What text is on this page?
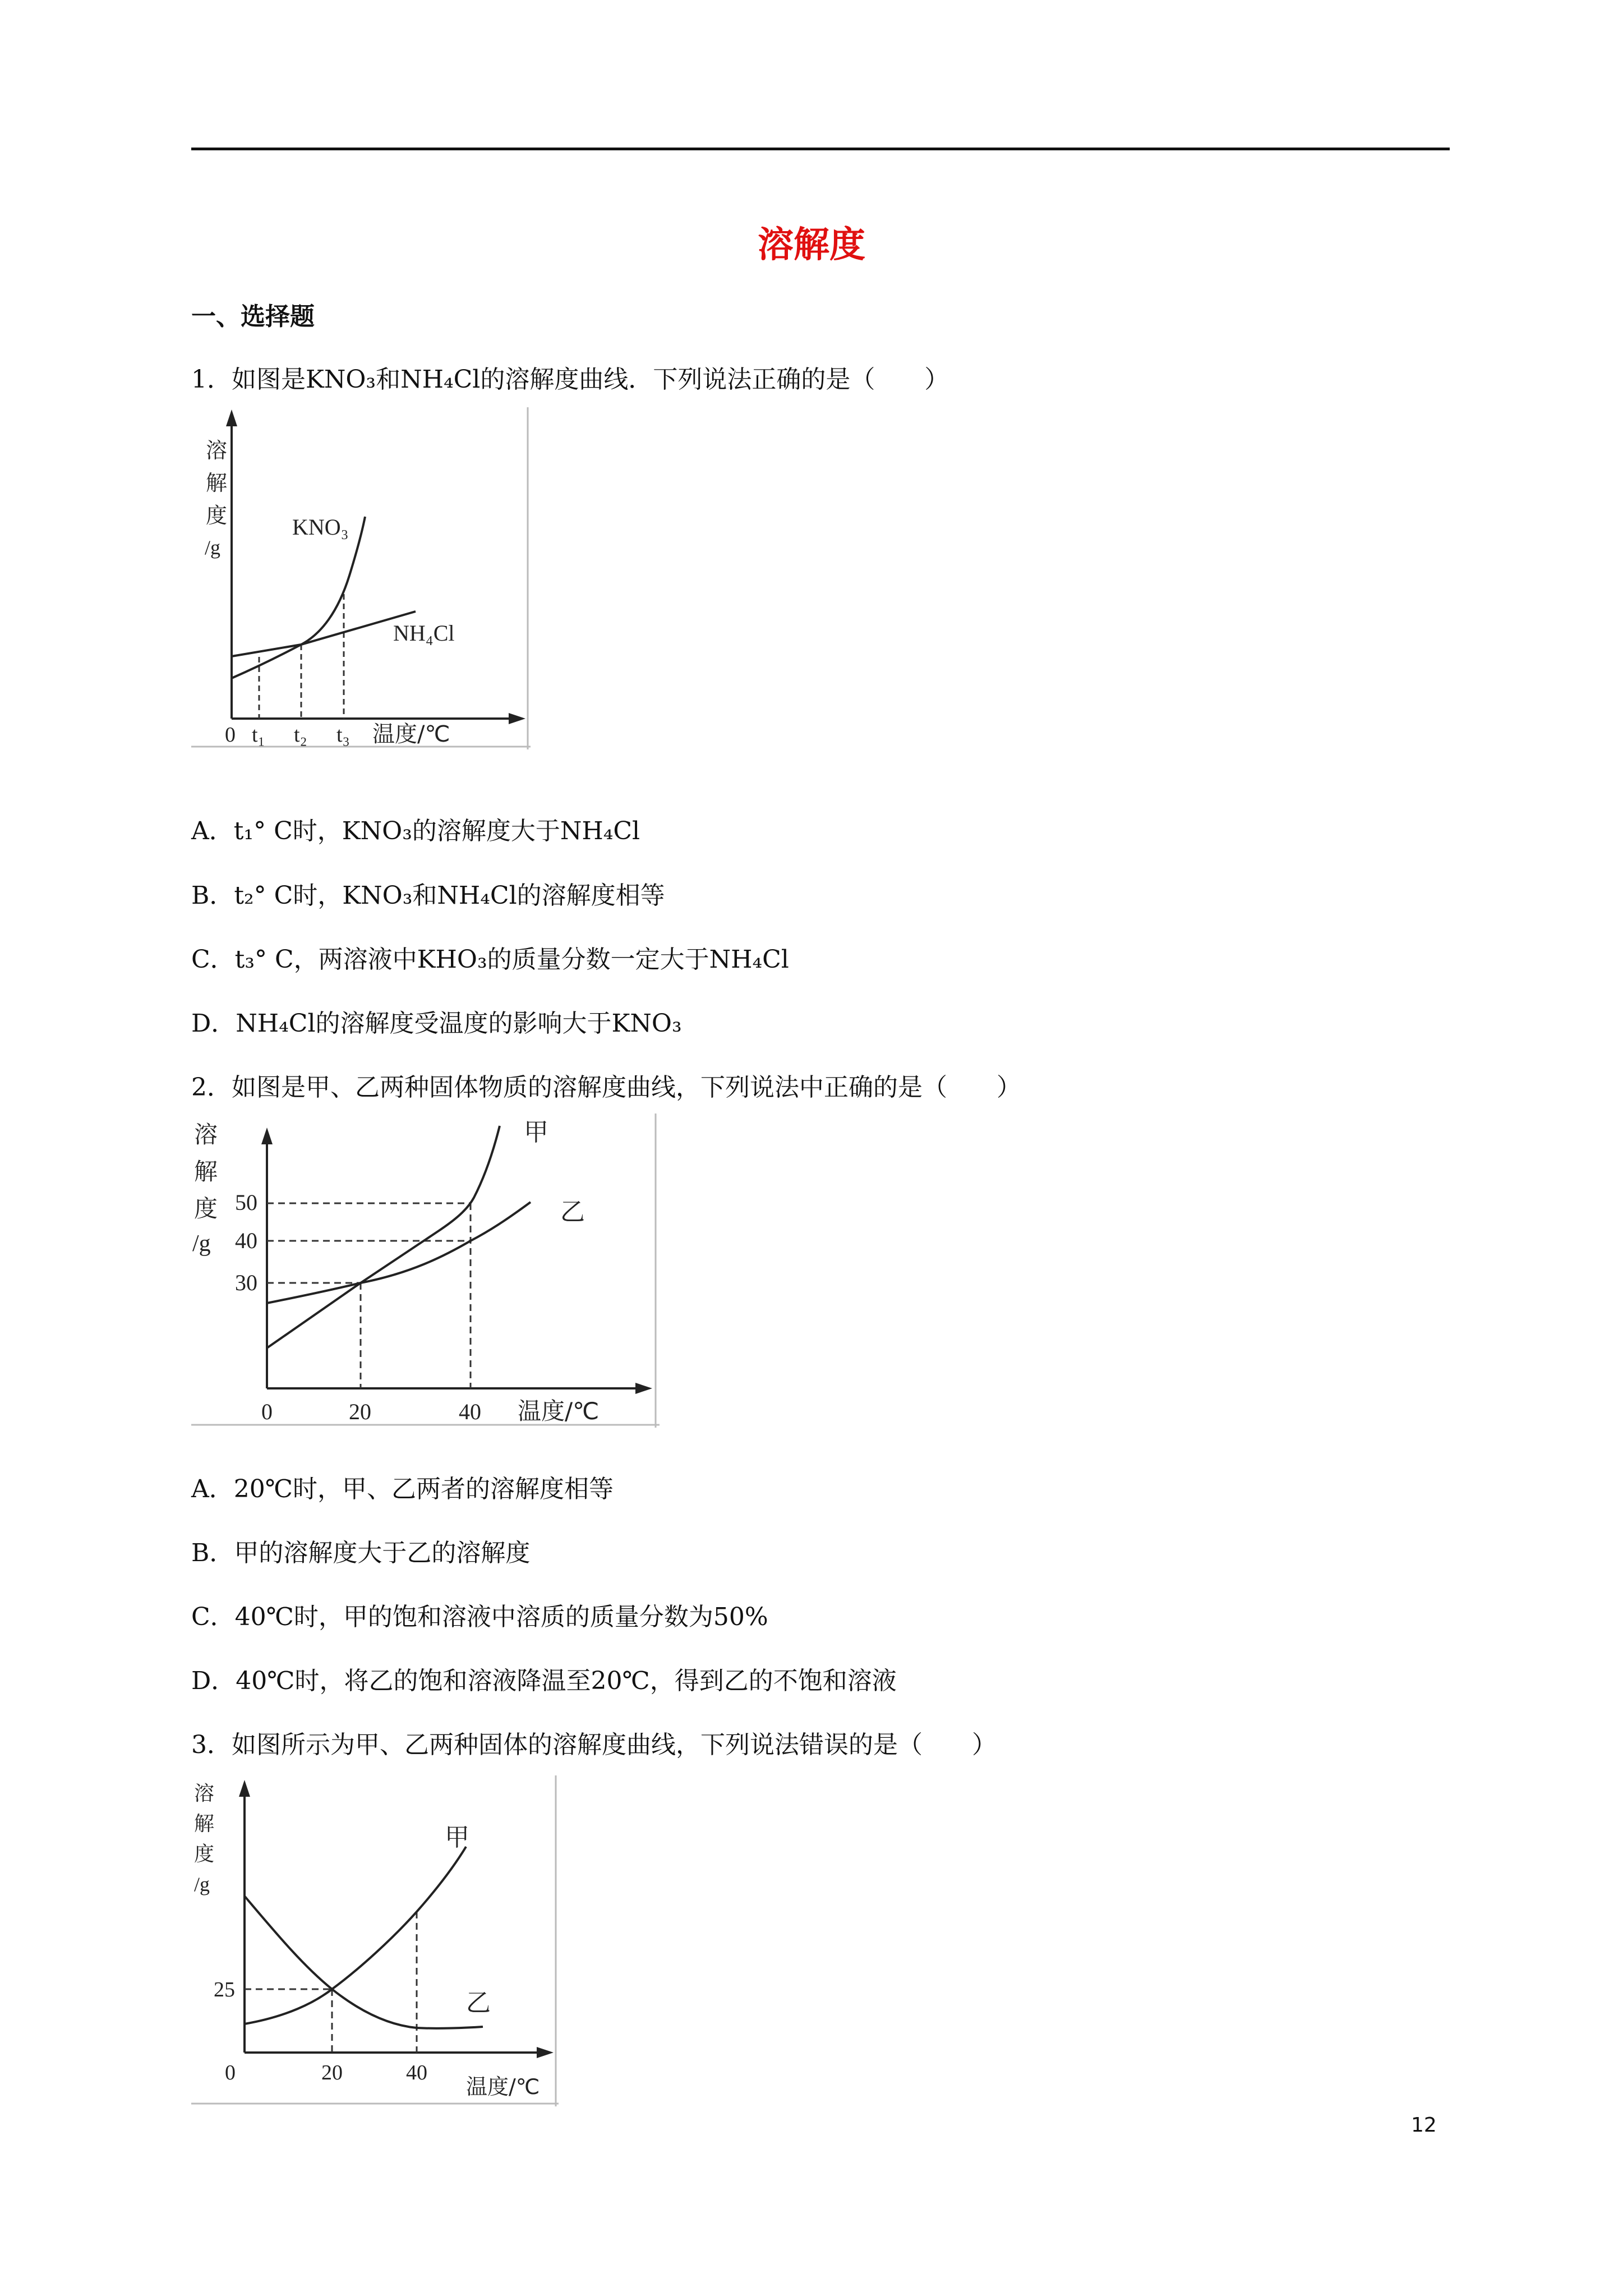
溶解度
一、选择题
1．如图是KNO₃和NH₄Cl的溶解度曲线．下列说法正确的是（　　）
溶
解
度
/g
KNO₃
NH₄Cl
0 t₁ t₂ t₃ 温度/℃
A．t₁° C时，KNO₃的溶解度大于NH₄Cl
B．t₂° C时，KNO₃和NH₄Cl的溶解度相等
C．t₃° C，两溶液中KHO₃的质量分数一定大于NH₄Cl
D．NH₄Cl的溶解度受温度的影响大于KNO₃
2．如图是甲、乙两种固体物质的溶解度曲线，下列说法中正确的是（　　）
溶
解
度
/g
50
40
30
甲
乙
0	20	40 温度/℃
A．20℃时，甲、乙两者的溶解度相等
B．甲的溶解度大于乙的溶解度
C．40℃时，甲的饱和溶液中溶质的质量分数为50%
D．40℃时，将乙的饱和溶液降温至20℃，得到乙的不饱和溶液
3．如图所示为甲、乙两种固体的溶解度曲线，下列说法错误的是（　　）
溶
解
度
/g
25
甲
乙
0	20	40
温度/℃
12
